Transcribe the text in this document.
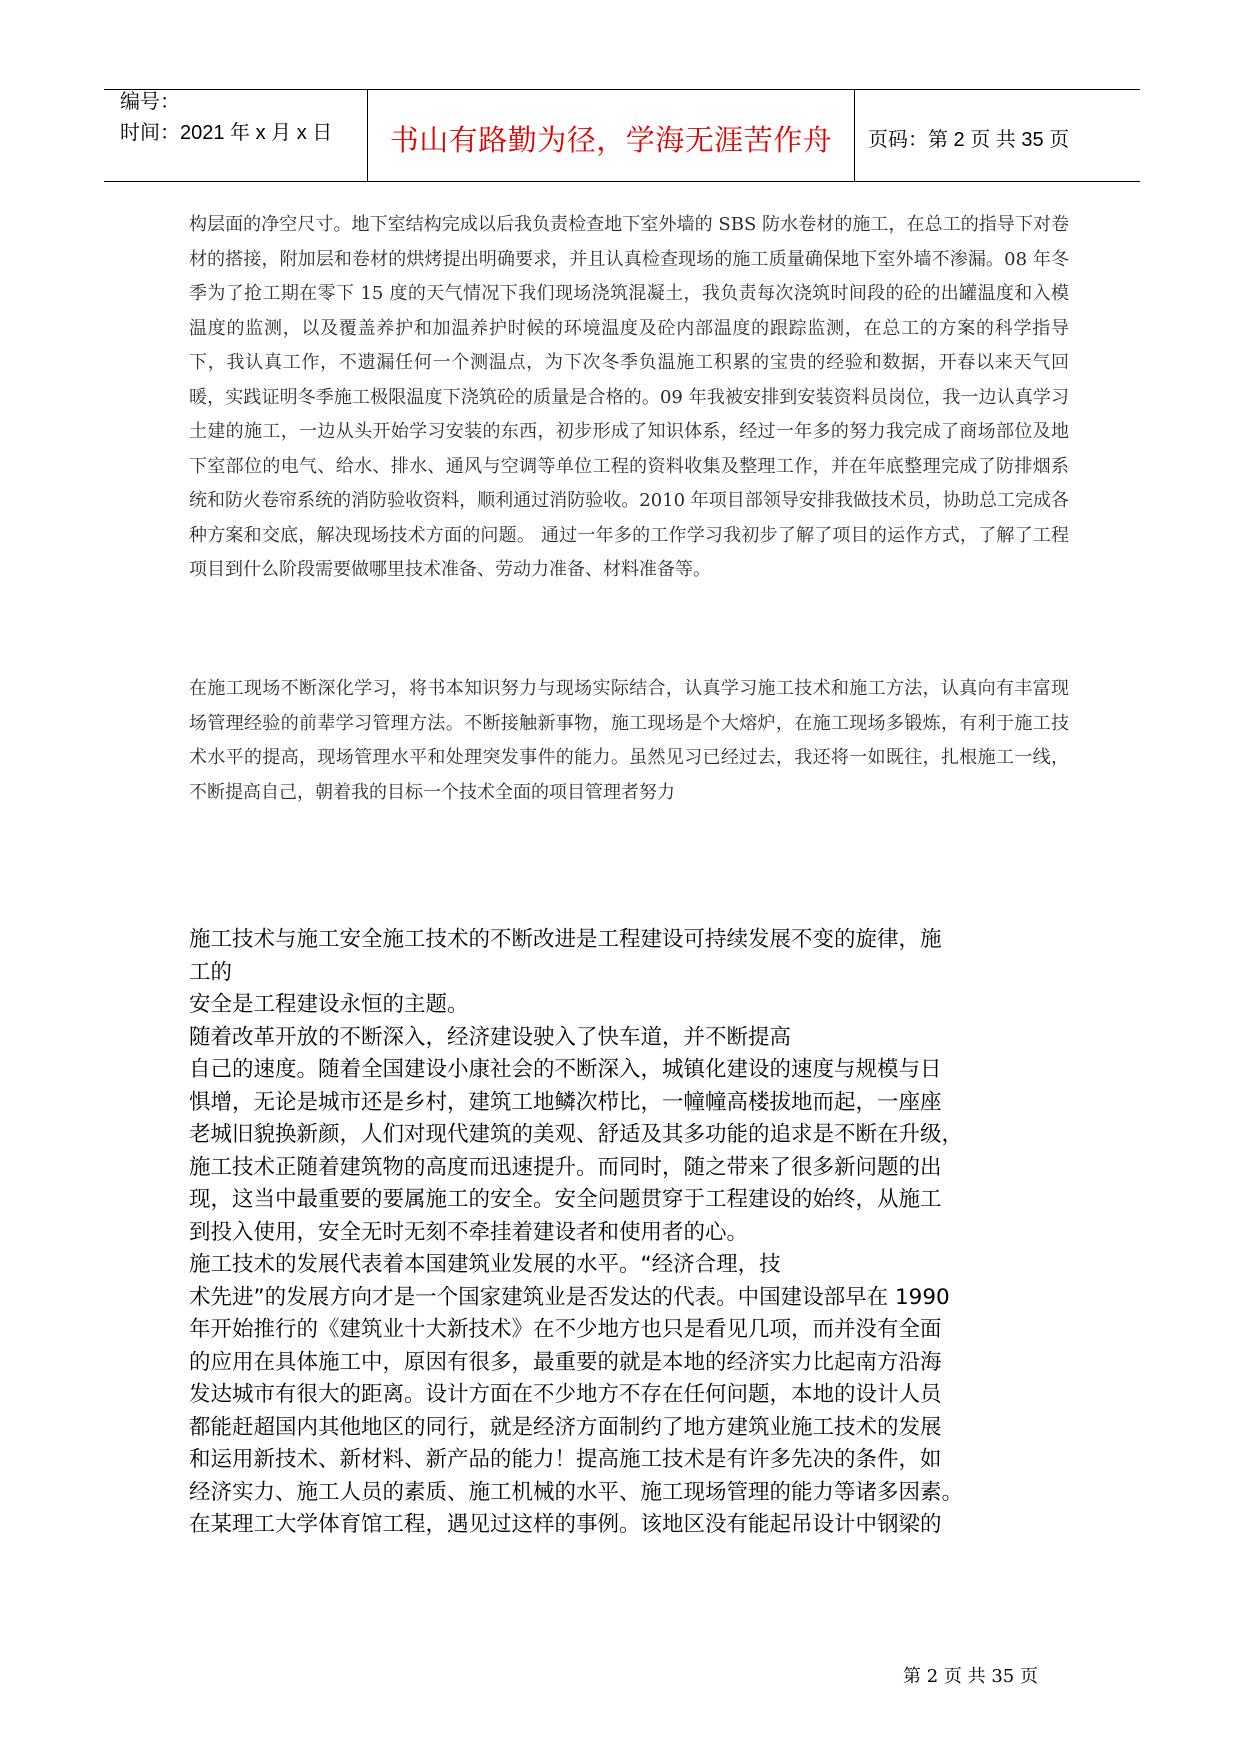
编号：
时间：2021 年 x 月 x 日	书山有路勤为径，学海无涯苦作舟	页码：第 2 页 共 35 页

构层面的净空尺寸。地下室结构完成以后我负责检查地下室外墙的 SBS 防水卷材的施工，在总工的指导下对卷材的搭接，附加层和卷材的烘烤提出明确要求，并且认真检查现场的施工质量确保地下室外墙不渗漏。08 年冬季为了抢工期在零下 15 度的天气情况下我们现场浇筑混凝土，我负责每次浇筑时间段的砼的出罐温度和入模温度的监测，以及覆盖养护和加温养护时候的环境温度及砼内部温度的跟踪监测，在总工的方案的科学指导下，我认真工作，不遗漏任何一个测温点，为下次冬季负温施工积累的宝贵的经验和数据，开春以来天气回暖，实践证明冬季施工极限温度下浇筑砼的质量是合格的。09 年我被安排到安装资料员岗位，我一边认真学习土建的施工，一边从头开始学习安装的东西，初步形成了知识体系，经过一年多的努力我完成了商场部位及地下室部位的电气、给水、排水、通风与空调等单位工程的资料收集及整理工作，并在年底整理完成了防排烟系统和防火卷帘系统的消防验收资料，顺利通过消防验收。2010 年项目部领导安排我做技术员，协助总工完成各种方案和交底，解决现场技术方面的问题。 通过一年多的工作学习我初步了解了项目的运作方式，了解了工程项目到什么阶段需要做哪里技术准备、劳动力准备、材料准备等。

在施工现场不断深化学习，将书本知识努力与现场实际结合，认真学习施工技术和施工方法，认真向有丰富现场管理经验的前辈学习管理方法。不断接触新事物，施工现场是个大熔炉，在施工现场多锻炼，有利于施工技术水平的提高，现场管理水平和处理突发事件的能力。虽然见习已经过去，我还将一如既往，扎根施工一线，不断提高自己，朝着我的目标一个技术全面的项目管理者努力

施工技术与施工安全施工技术的不断改进是工程建设可持续发展不变的旋律，施
工的
安全是工程建设永恒的主题。
随着改革开放的不断深入，经济建设驶入了快车道，并不断提高
自己的速度。随着全国建设小康社会的不断深入，城镇化建设的速度与规模与日
惧增，无论是城市还是乡村，建筑工地鳞次栉比，一幢幢高楼拔地而起，一座座
老城旧貌换新颜，人们对现代建筑的美观、舒适及其多功能的追求是不断在升级，
施工技术正随着建筑物的高度而迅速提升。而同时，随之带来了很多新问题的出
现，这当中最重要的要属施工的安全。安全问题贯穿于工程建设的始终，从施工
到投入使用，安全无时无刻不牵挂着建设者和使用者的心。
施工技术的发展代表着本国建筑业发展的水平。“经济合理，技
术先进”的发展方向才是一个国家建筑业是否发达的代表。中国建设部早在 1990
年开始推行的《建筑业十大新技术》在不少地方也只是看见几项，而并没有全面
的应用在具体施工中，原因有很多，最重要的就是本地的经济实力比起南方沿海
发达城市有很大的距离。设计方面在不少地方不存在任何问题，本地的设计人员
都能赶超国内其他地区的同行，就是经济方面制约了地方建筑业施工技术的发展
和运用新技术、新材料、新产品的能力！提高施工技术是有许多先决的条件，如
经济实力、施工人员的素质、施工机械的水平、施工现场管理的能力等诸多因素。
在某理工大学体育馆工程，遇见过这样的事例。该地区没有能起吊设计中钢梁的
第 2 页 共 35 页
